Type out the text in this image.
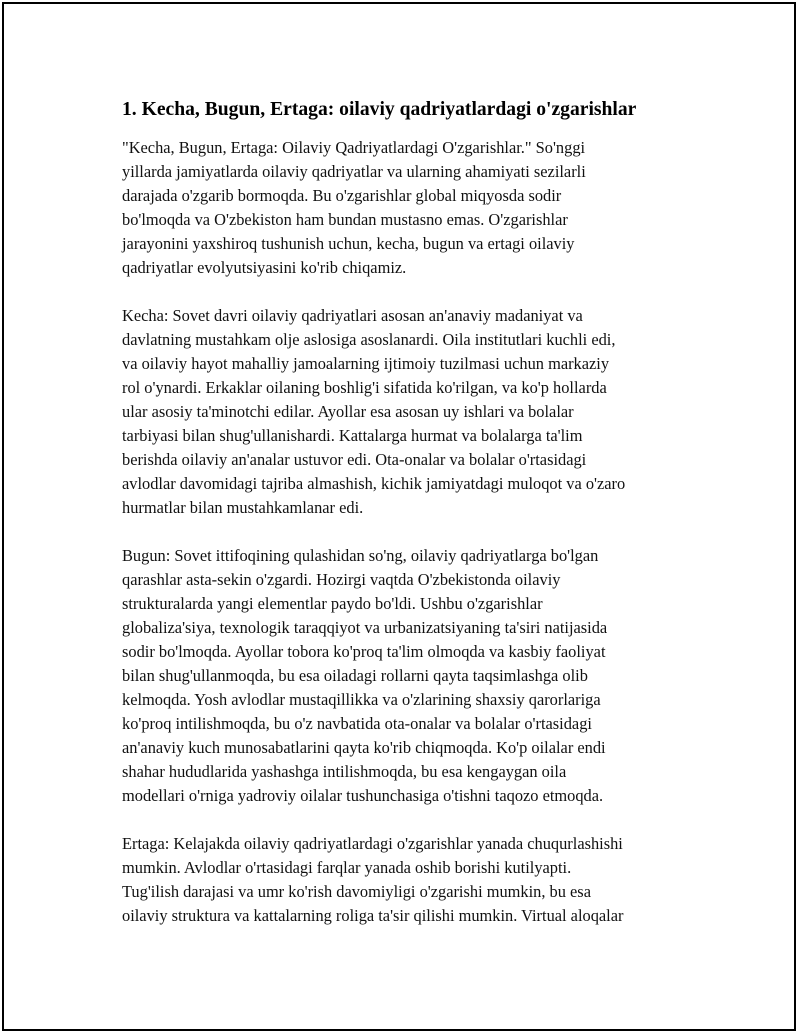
1. Kecha, Bugun, Ertaga: oilaviy qadriyatlardagi o'zgarishlar
"Kecha, Bugun, Ertaga: Oilaviy Qadriyatlardagi O'zgarishlar." So'nggi
yillarda jamiyatlarda oilaviy qadriyatlar va ularning ahamiyati sezilarli
darajada o'zgarib bormoqda. Bu o'zgarishlar global miqyosda sodir
bo'lmoqda va O'zbekiston ham bundan mustasno emas. O'zgarishlar
jarayonini yaxshiroq tushunish uchun, kecha, bugun va ertagi oilaviy
qadriyatlar evolyutsiyasini ko'rib chiqamiz.
Kecha: Sovet davri oilaviy qadriyatlari asosan an'anaviy madaniyat va
davlatning mustahkam olje aslosiga asoslanardi. Oila institutlari kuchli edi,
va oilaviy hayot mahalliy jamoalarning ijtimoiy tuzilmasi uchun markaziy
rol o'ynardi. Erkaklar oilaning boshlig'i sifatida ko'rilgan, va ko'p hollarda
ular asosiy ta'minotchi edilar. Ayollar esa asosan uy ishlari va bolalar
tarbiyasi bilan shug'ullanishardi. Kattalarga hurmat va bolalarga ta'lim
berishda oilaviy an'analar ustuvor edi. Ota-onalar va bolalar o'rtasidagi
avlodlar davomidagi tajriba almashish, kichik jamiyatdagi muloqot va o'zaro
hurmatlar bilan mustahkamlanar edi.
Bugun: Sovet ittifoqining qulashidan so'ng, oilaviy qadriyatlarga bo'lgan
qarashlar asta-sekin o'zgardi. Hozirgi vaqtda O'zbekistonda oilaviy
strukturalarda yangi elementlar paydo bo'ldi. Ushbu o'zgarishlar
globaliza'siya, texnologik taraqqiyot va urbanizatsiyaning ta'siri natijasida
sodir bo'lmoqda. Ayollar tobora ko'proq ta'lim olmoqda va kasbiy faoliyat
bilan shug'ullanmoqda, bu esa oiladagi rollarni qayta taqsimlashga olib
kelmoqda. Yosh avlodlar mustaqillikka va o'zlarining shaxsiy qarorlariga
ko'proq intilishmoqda, bu o'z navbatida ota-onalar va bolalar o'rtasidagi
an'anaviy kuch munosabatlarini qayta ko'rib chiqmoqda. Ko'p oilalar endi
shahar hududlarida yashashga intilishmoqda, bu esa kengaygan oila
modellari o'rniga yadroviy oilalar tushunchasiga o'tishni taqozo etmoqda.
Ertaga: Kelajakda oilaviy qadriyatlardagi o'zgarishlar yanada chuqurlashishi
mumkin. Avlodlar o'rtasidagi farqlar yanada oshib borishi kutilyapti.
Tug'ilish darajasi va umr ko'rish davomiyligi o'zgarishi mumkin, bu esa
oilaviy struktura va kattalarning roliga ta'sir qilishi mumkin. Virtual aloqalar
